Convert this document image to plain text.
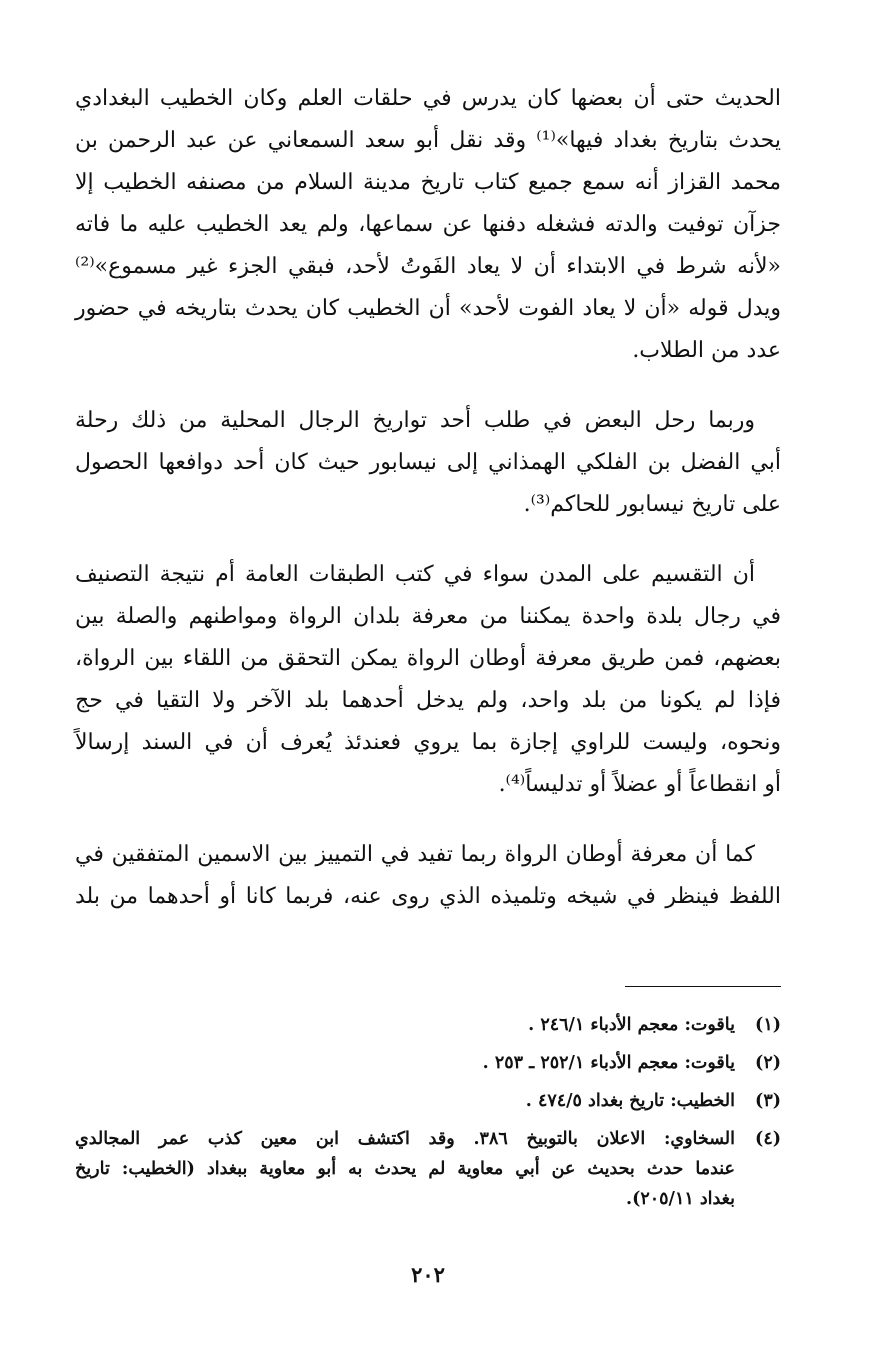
الحديث حتى أن بعضها كان يدرس في حلقات العلم وكان الخطيب البغدادي
يحدث بتاريخ بغداد فيها»⁽¹⁾ وقد نقل أبو سعد السمعاني عن عبد الرحمن بن
محمد القزاز أنه سمع جميع كتاب تاريخ مدينة السلام من مصنفه الخطيب إلا
جزآن توفيت والدته فشغله دفنها عن سماعها، ولم يعد الخطيب عليه ما فاته
«لأنه شرط في الابتداء أن لا يعاد الفَوتُ لأحد، فبقي الجزء غير مسموع»⁽²⁾
ويدل قوله «أن لا يعاد الفوت لأحد» أن الخطيب كان يحدث بتاريخه في حضور
عدد من الطلاب.

وربما رحل البعض في طلب أحد تواريخ الرجال المحلية من ذلك رحلة
أبي الفضل بن الفلكي الهمذاني إلى نيسابور حيث كان أحد دوافعها الحصول
على تاريخ نيسابور للحاكم⁽³⁾.

أن التقسيم على المدن سواء في كتب الطبقات العامة أم نتيجة التصنيف
في رجال بلدة واحدة يمكننا من معرفة بلدان الرواة ومواطنهم والصلة بين
بعضهم، فمن طريق معرفة أوطان الرواة يمكن التحقق من اللقاء بين الرواة،
فإذا لم يكونا من بلد واحد، ولم يدخل أحدهما بلد الآخر ولا التقيا في حج
ونحوه، وليست للراوي إجازة بما يروي فعندئذ يُعرف أن في السند إرسالاً
أو انقطاعاً أو عضلاً أو تدليساً⁽⁴⁾.

كما أن معرفة أوطان الرواة ربما تفيد في التمييز بين الاسمين المتفقين في
اللفظ فينظر في شيخه وتلميذه الذي روى عنه، فربما كانا أو أحدهما من بلد

(١)
ياقوت: معجم الأدباء ٢٤٦/١ .
(٢)
ياقوت: معجم الأدباء ٢٥٢/١ ـ ٢٥٣ .
(٣)
الخطيب: تاريخ بغداد ٤٧٤/٥ .
(٤)
السخاوي: الاعلان بالتوبيخ ٣٨٦. وقد اكتشف ابن معين كذب عمر المجالدي
عندما حدث بحديث عن أبي معاوية لم يحدث به أبو معاوية ببغداد (الخطيب: تاريخ
بغداد ٢٠٥/١١).
٢٠٢
